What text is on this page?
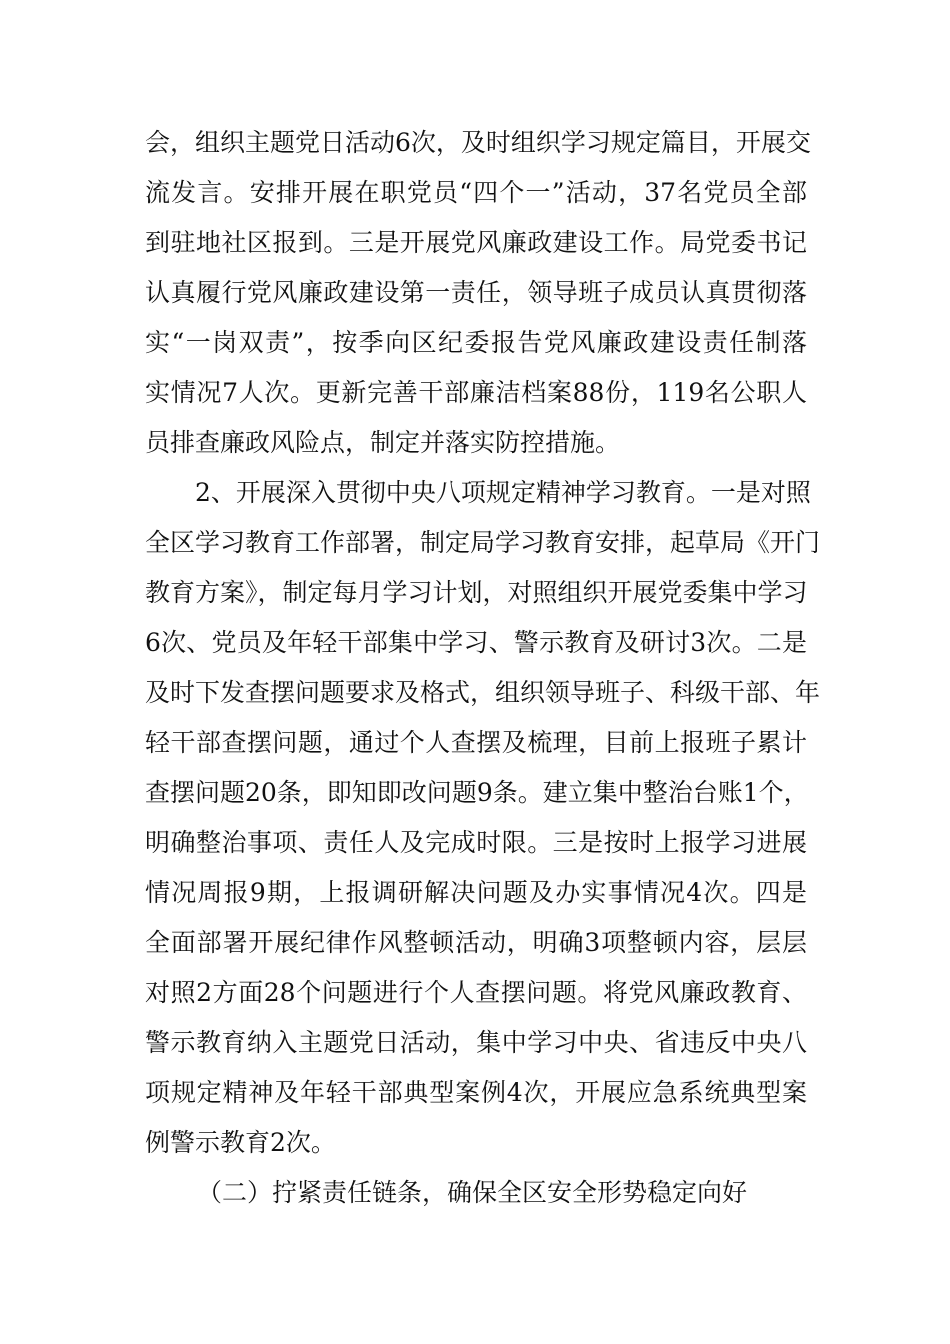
会，组织主题党日活动6次，及时组织学习规定篇目，开展交
流发言。安排开展在职党员“四个一”活动，37名党员全部
到驻地社区报到。三是开展党风廉政建设工作。局党委书记
认真履行党风廉政建设第一责任，领导班子成员认真贯彻落
实“一岗双责”，按季向区纪委报告党风廉政建设责任制落
实情况7人次。更新完善干部廉洁档案88份，119名公职人
员排查廉政风险点，制定并落实防控措施。
2、开展深入贯彻中央八项规定精神学习教育。一是对照
全区学习教育工作部署，制定局学习教育安排，起草局《开门
教育方案》，制定每月学习计划，对照组织开展党委集中学习
6次、党员及年轻干部集中学习、警示教育及研讨3次。二是
及时下发查摆问题要求及格式，组织领导班子、科级干部、年
轻干部查摆问题，通过个人查摆及梳理，目前上报班子累计
查摆问题20条，即知即改问题9条。建立集中整治台账1个，
明确整治事项、责任人及完成时限。三是按时上报学习进展
情况周报9期，上报调研解决问题及办实事情况4次。四是
全面部署开展纪律作风整顿活动，明确3项整顿内容，层层
对照2方面28个问题进行个人查摆问题。将党风廉政教育、
警示教育纳入主题党日活动，集中学习中央、省违反中央八
项规定精神及年轻干部典型案例4次，开展应急系统典型案
例警示教育2次。
（二）拧紧责任链条，确保全区安全形势稳定向好
